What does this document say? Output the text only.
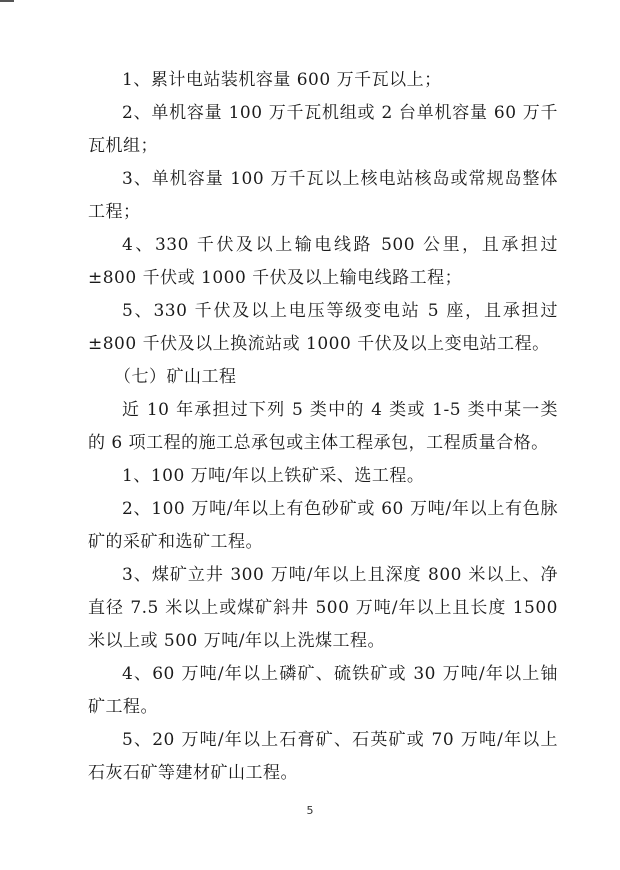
1、累计电站装机容量 600 万千瓦以上；

2、单机容量 100 万千瓦机组或 2 台单机容量 60 万千瓦机组；

3、单机容量 100 万千瓦以上核电站核岛或常规岛整体工程；

4、330 千伏及以上输电线路 500 公里，且承担过±800 千伏或 1000 千伏及以上输电线路工程；

5、330 千伏及以上电压等级变电站 5 座，且承担过±800 千伏及以上换流站或 1000 千伏及以上变电站工程。

（七）矿山工程

近 10 年承担过下列 5 类中的 4 类或 1-5 类中某一类的 6 项工程的施工总承包或主体工程承包，工程质量合格。

1、100 万吨/年以上铁矿采、选工程。

2、100 万吨/年以上有色砂矿或 60 万吨/年以上有色脉矿的采矿和选矿工程。

3、煤矿立井 300 万吨/年以上且深度 800 米以上、净直径 7.5 米以上或煤矿斜井 500 万吨/年以上且长度 1500 米以上或 500 万吨/年以上洗煤工程。

4、60 万吨/年以上磷矿、硫铁矿或 30 万吨/年以上铀矿工程。

5、20 万吨/年以上石膏矿、石英矿或 70 万吨/年以上石灰石矿等建材矿山工程。

5
